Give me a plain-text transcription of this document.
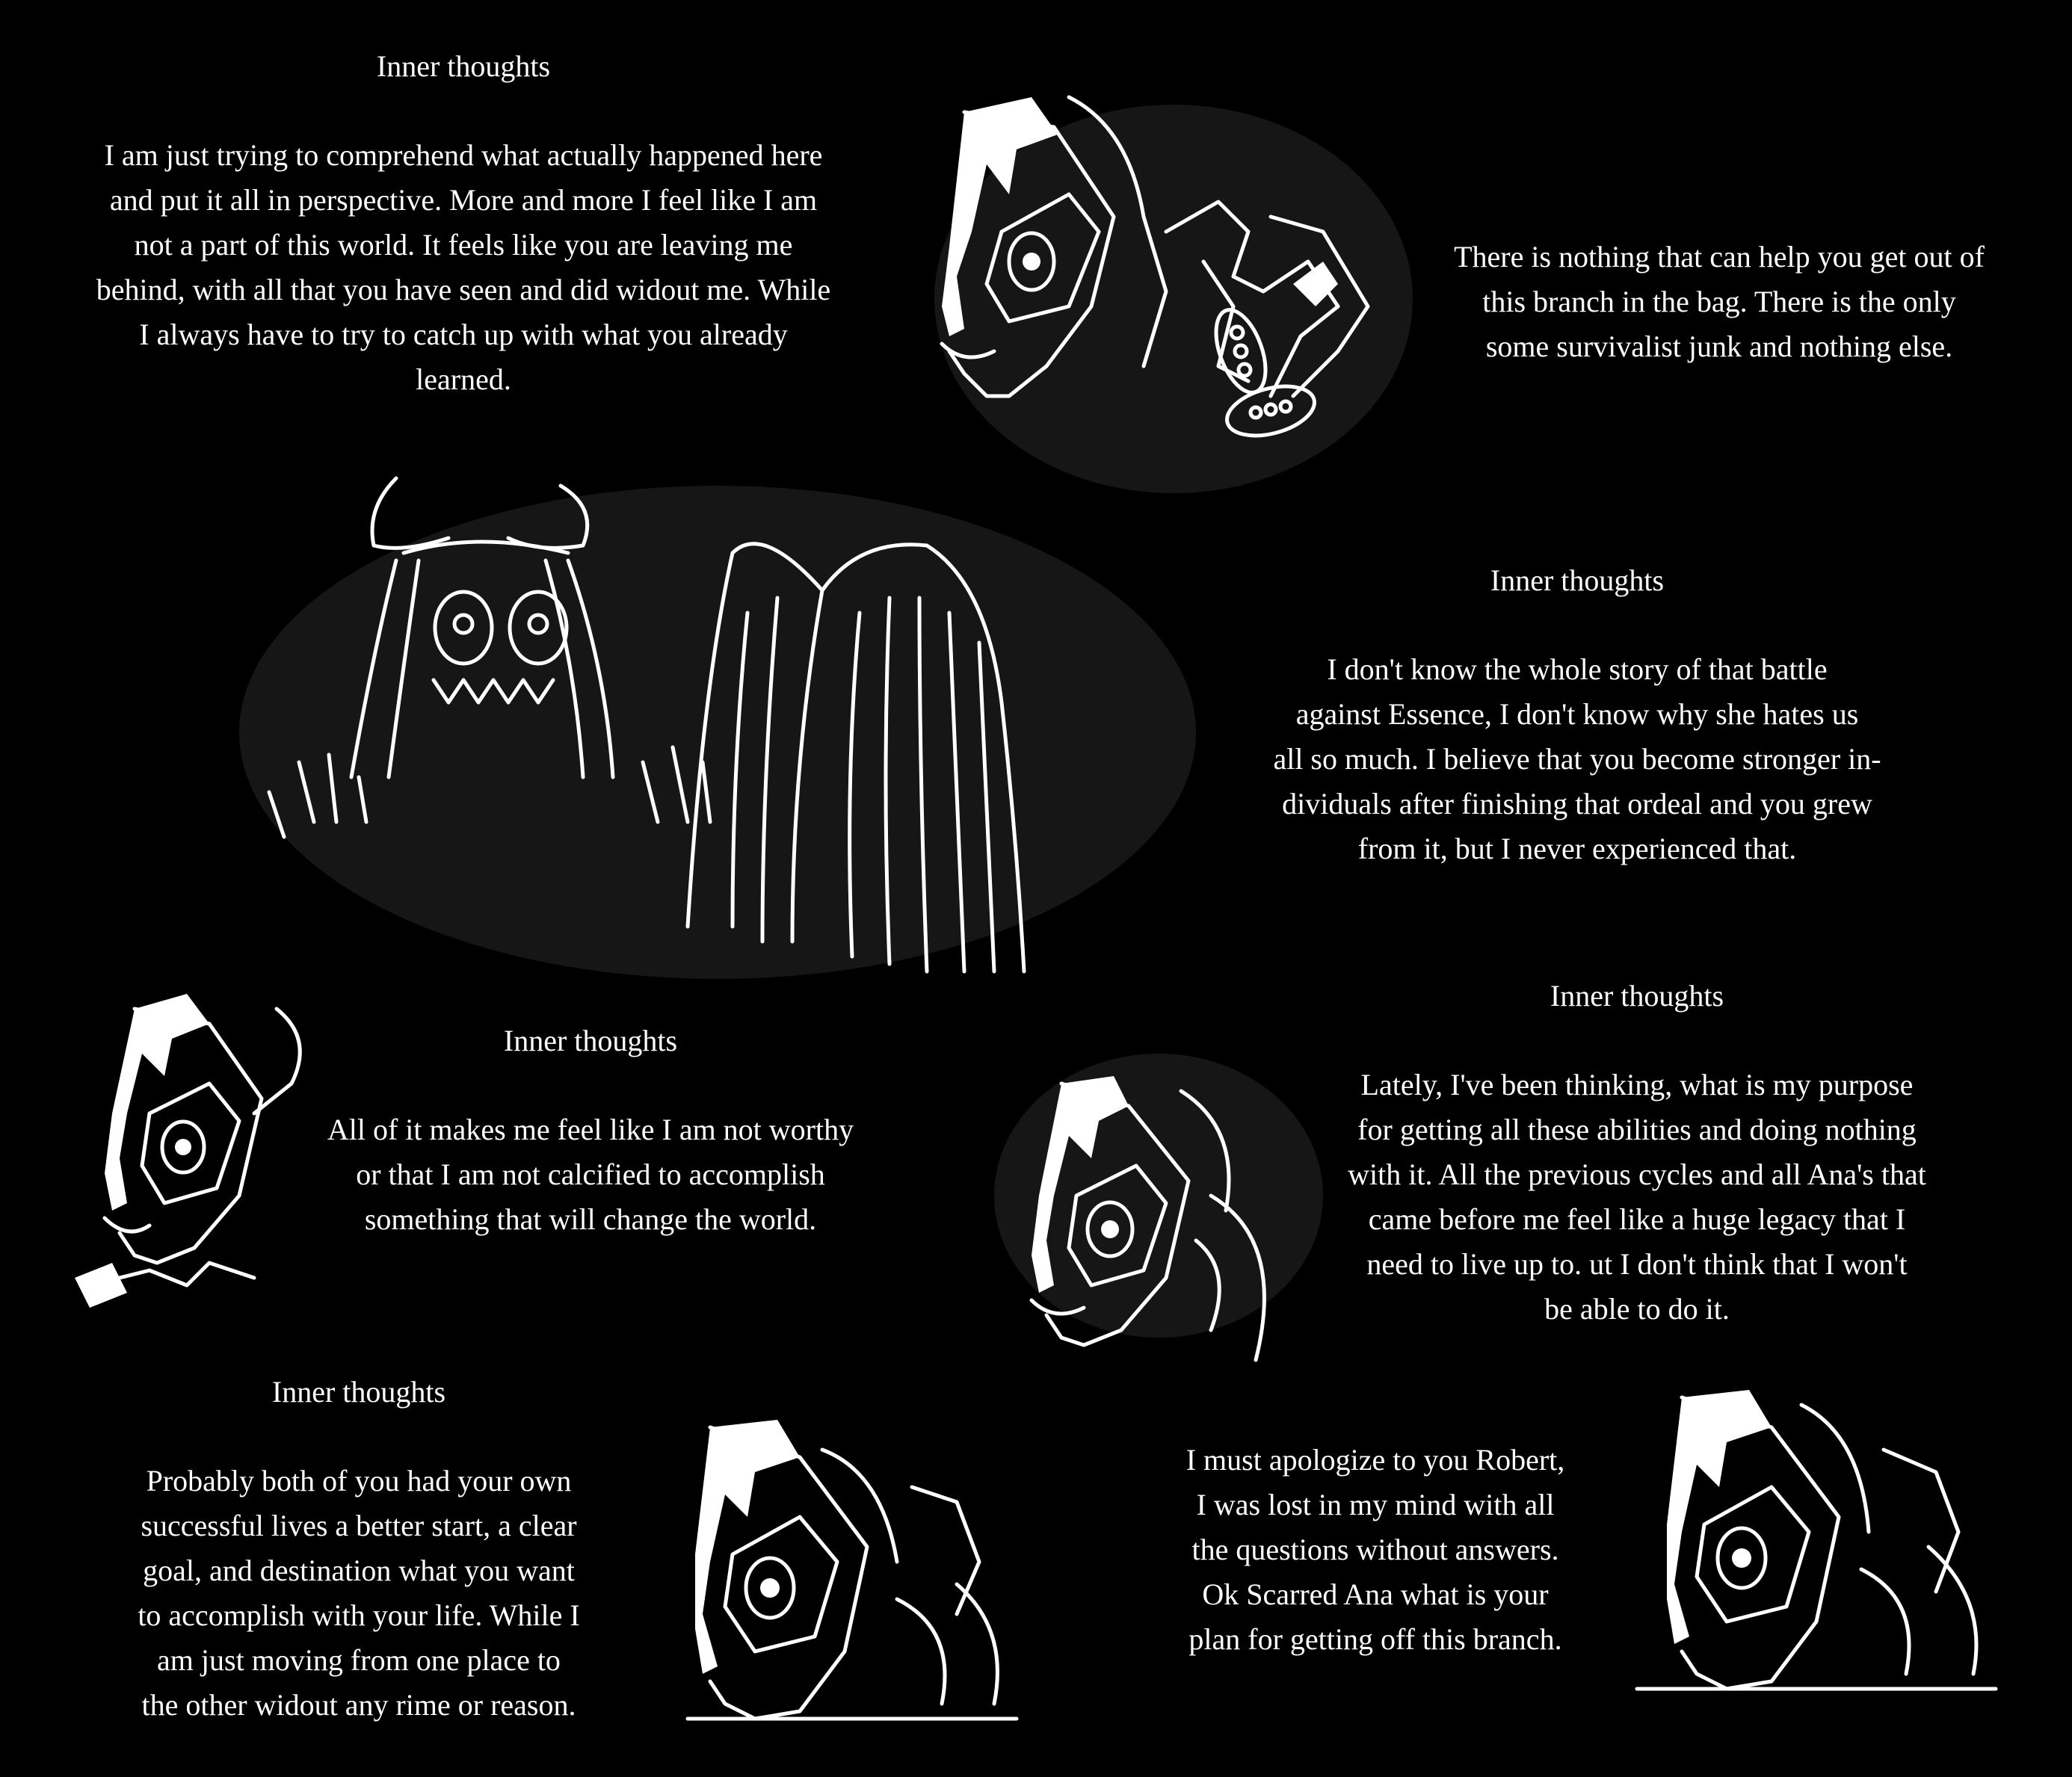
Inner thoughts

I am just trying to comprehend what actually happened here
and put it all in perspective. More and more I feel like I am
not a part of this world. It feels like you are leaving me
behind, with all that you have seen and did widout me. While
I always have to try to catch up with what you already
learned.

There is nothing that can help you get out of
this branch in the bag. There is the only
some survivalist junk and nothing else.

Inner thoughts

I don't know the whole story of that battle
against Essence, I don't know why she hates us
all so much. I believe that you become stronger in-
dividuals after finishing that ordeal and you grew
from it, but I never experienced that.

Inner thoughts

All of it makes me feel like I am not worthy
or that I am not calcified to accomplish
something that will change the world.

Inner thoughts

Lately, I've been thinking, what is my purpose
for getting all these abilities and doing nothing
with it. All the previous cycles and all Ana's that
came before me feel like a huge legacy that I
need to live up to. ut I don't think that I won't
be able to do it.

Inner thoughts

Probably both of you had your own
successful lives a better start, a clear
goal, and destination what you want
to accomplish with your life. While I
am just moving from one place to
the other widout any rime or reason.

I must apologize to you Robert,
I was lost in my mind with all
the questions without answers.
Ok Scarred Ana what is your
plan for getting off this branch.
